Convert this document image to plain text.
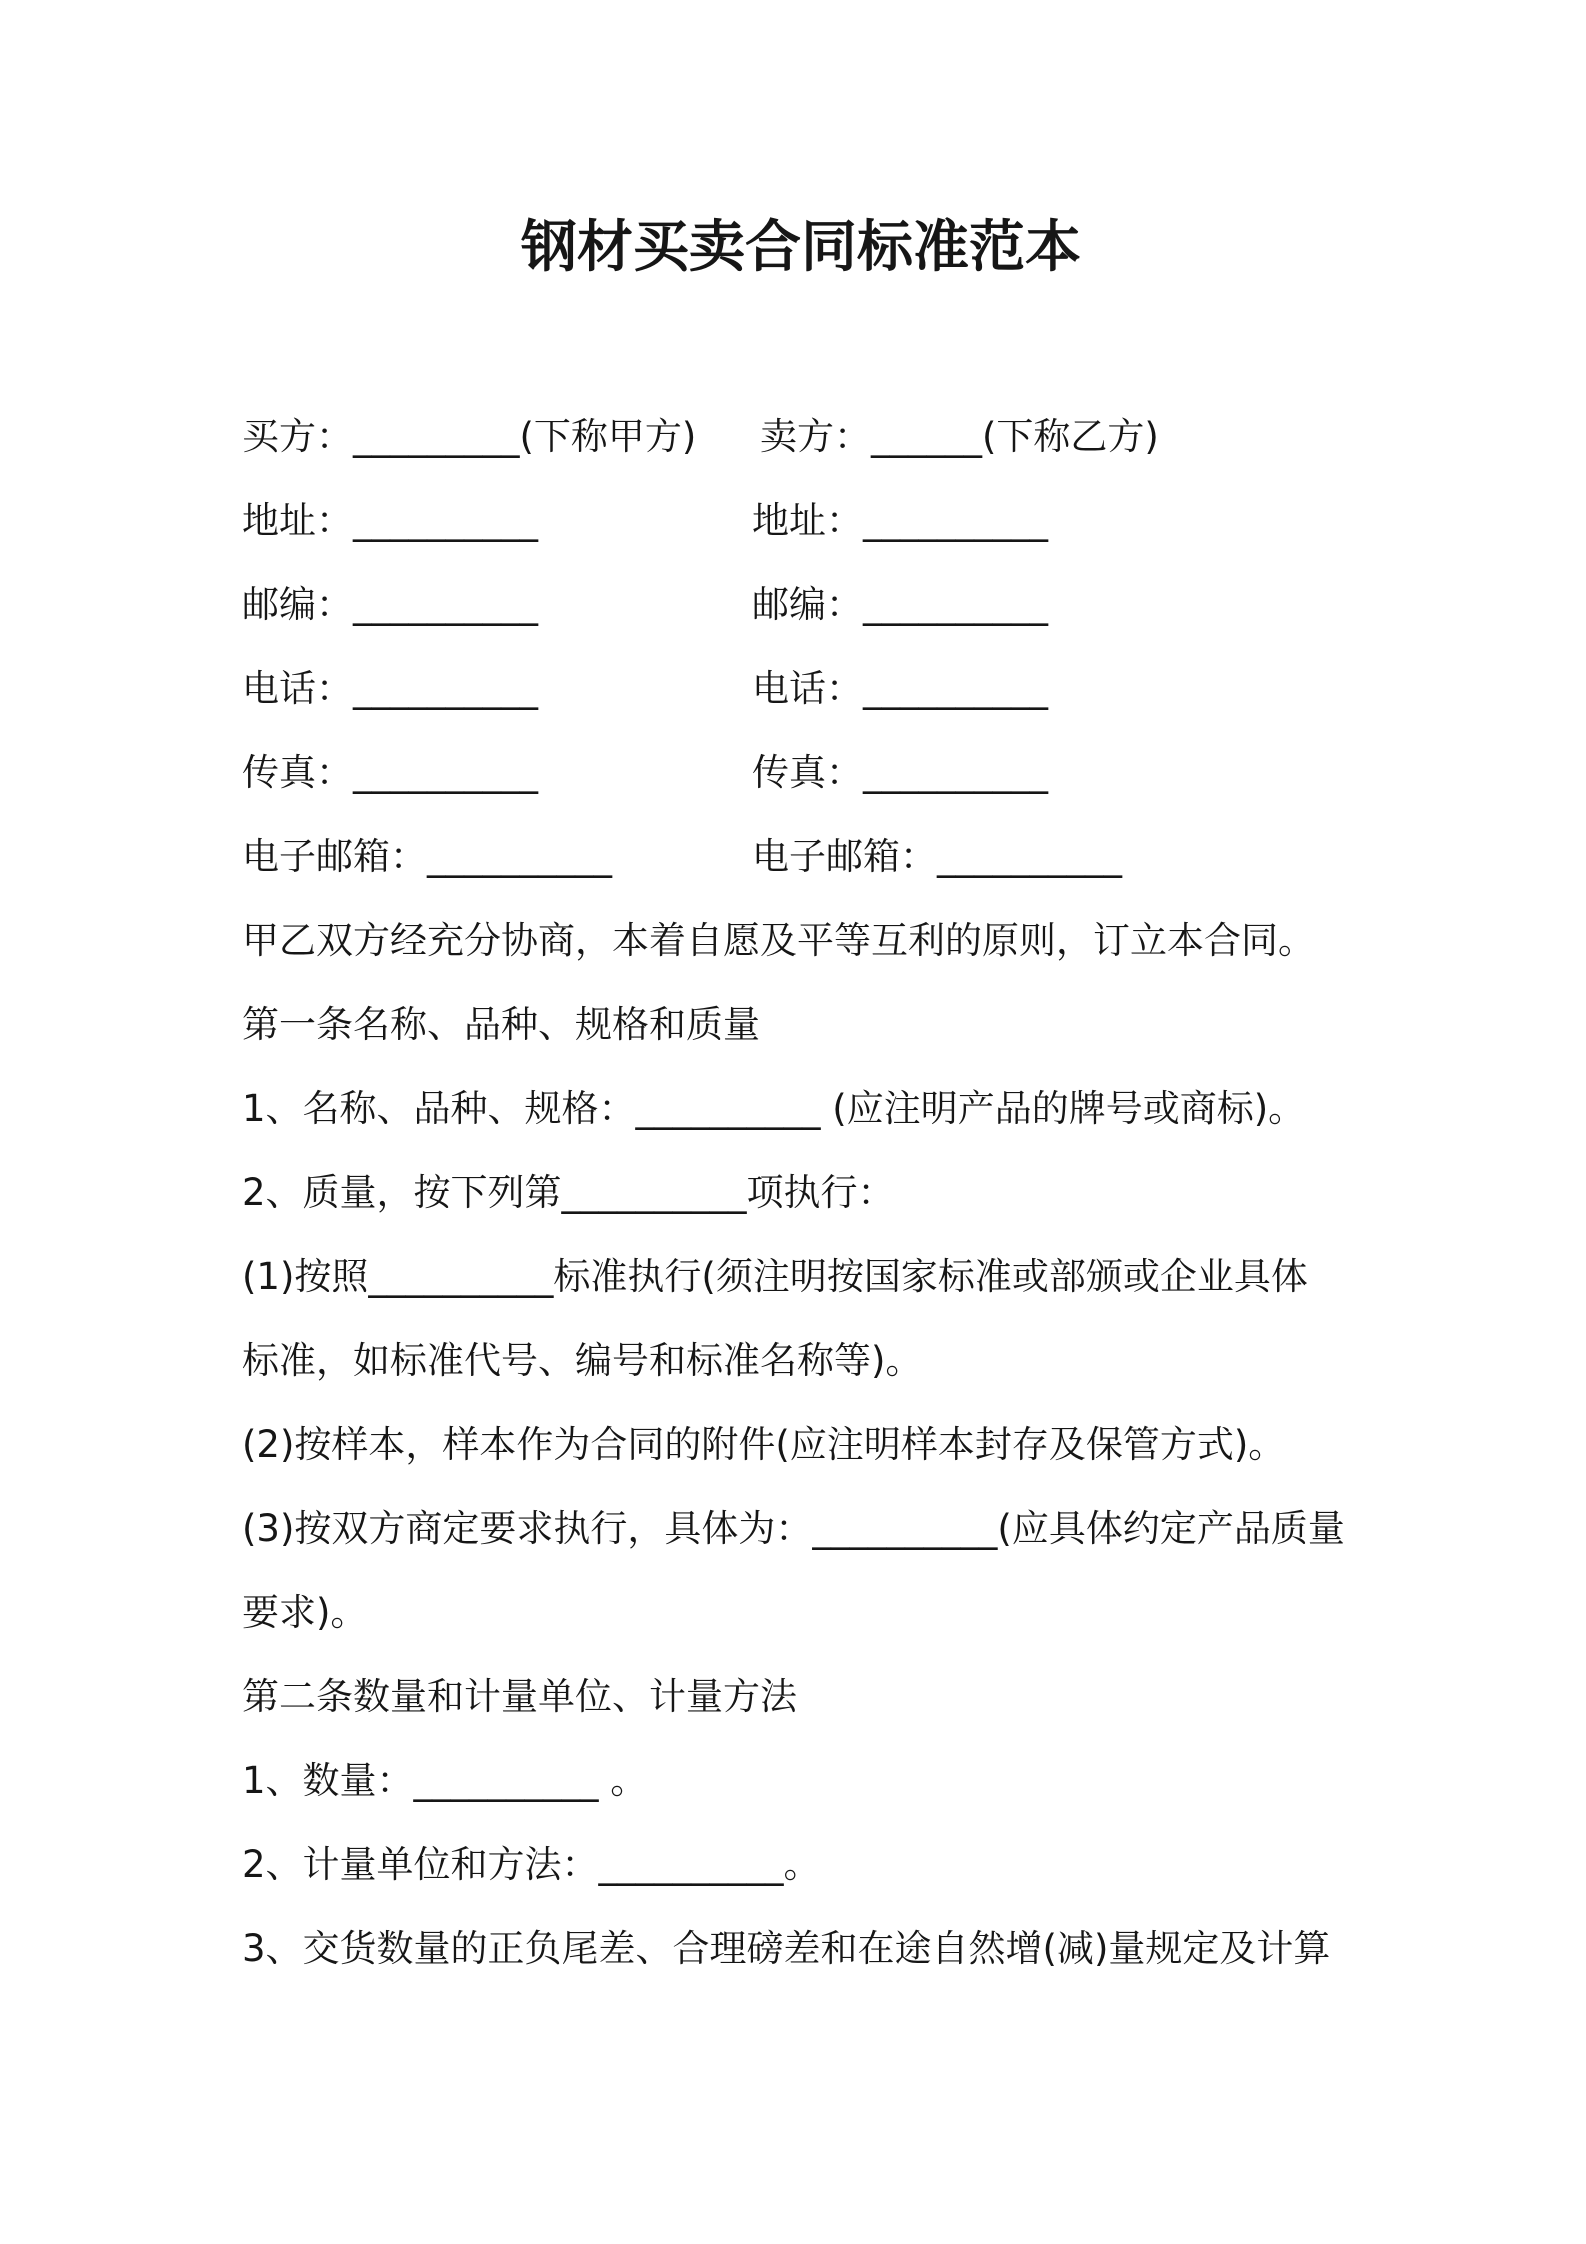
钢材买卖合同标准范本
买方：_________(下称甲方) 卖方：______(下称乙方)
地址：__________	地址：__________
邮编：__________	邮编：__________
电话：__________	电话：__________
传真：__________	传真：__________
电子邮箱：__________	电子邮箱：__________
甲乙双方经充分协商，本着自愿及平等互利的原则，订立本合同。
第一条名称、品种、规格和质量
1、名称、品种、规格：__________ (应注明产品的牌号或商标)。
2、质量，按下列第__________项执行：
(1)按照__________标准执行(须注明按国家标准或部颁或企业具体
标准，如标准代号、编号和标准名称等)。
(2)按样本，样本作为合同的附件(应注明样本封存及保管方式)。
(3)按双方商定要求执行，具体为：__________(应具体约定产品质量
要求)。
第二条数量和计量单位、计量方法
1、数量：__________ 。
2、计量单位和方法：__________。
3、交货数量的正负尾差、合理磅差和在途自然增(减)量规定及计算
